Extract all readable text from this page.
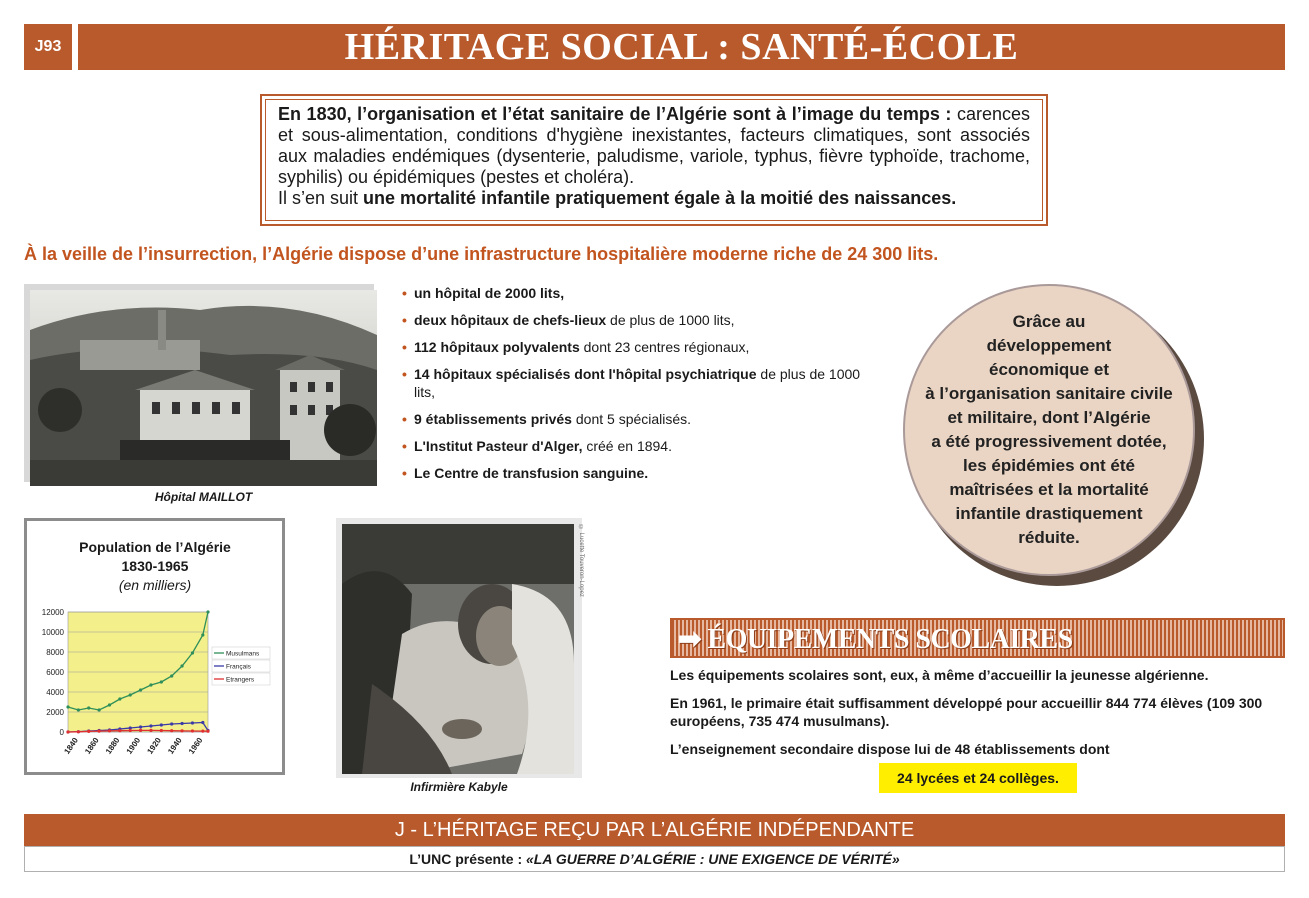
J93	HÉRITAGE SOCIAL : SANTÉ-ÉCOLE
En 1830, l’organisation et l’état sanitaire de l’Algérie sont à l’image du temps : carences et sous-alimentation, conditions d'hygiène inexistantes, facteurs climatiques, sont associés aux maladies endémiques (dysenterie, paludisme, variole, typhus, fièvre typhoïde, trachome, syphilis) ou épidémiques (pestes et choléra).
Il s’en suit une mortalité infantile pratiquement égale à la moitié des naissances.
À la veille de l’insurrection, l’Algérie dispose d’une infrastructure hospitalière moderne riche de 24 300 lits.
Hôpital MAILLOT
• un hôpital de 2000 lits,
• deux hôpitaux de chefs-lieux de plus de 1000 lits,
• 112 hôpitaux polyvalents dont 23 centres régionaux,
• 14 hôpitaux spécialisés dont l'hôpital psychiatrique de plus de 1000 lits,
• 9 établissements privés dont 5 spécialisés.
• L'Institut Pasteur d'Alger, créé en 1894.
• Le Centre de transfusion sanguine.
Grâce au
développement
économique et
à l’organisation sanitaire civile
et militaire, dont l’Algérie
a été progressivement dotée,
les épidémies ont été
maîtrisées et la mortalité
infantile drastiquement
réduite.
Population de l’Algérie
1830-1965
(en milliers)
12000
10000
8000
6000
4000
2000
0
1840 1860 1880 1900 1920 1940 1960
Musulmans
Français
Etrangers
© Lucette Touveron-Lopez
Infirmière Kabyle
➡ ÉQUIPEMENTS SCOLAIRES

Les équipements scolaires sont, eux, à même d’accueillir la jeunesse algérienne.

En 1961, le primaire était suffisamment développé pour accueillir 844 774 élèves (109 300 européens, 735 474 musulmans).

L’enseignement secondaire dispose lui de 48 établissements dont

24 lycées et 24 collèges.
J - L’HÉRITAGE REÇU PAR L’ALGÉRIE INDÉPENDANTE
L’UNC présente :
«LA GUERRE D’ALGÉRIE : UNE EXIGENCE DE VÉRITÉ»
